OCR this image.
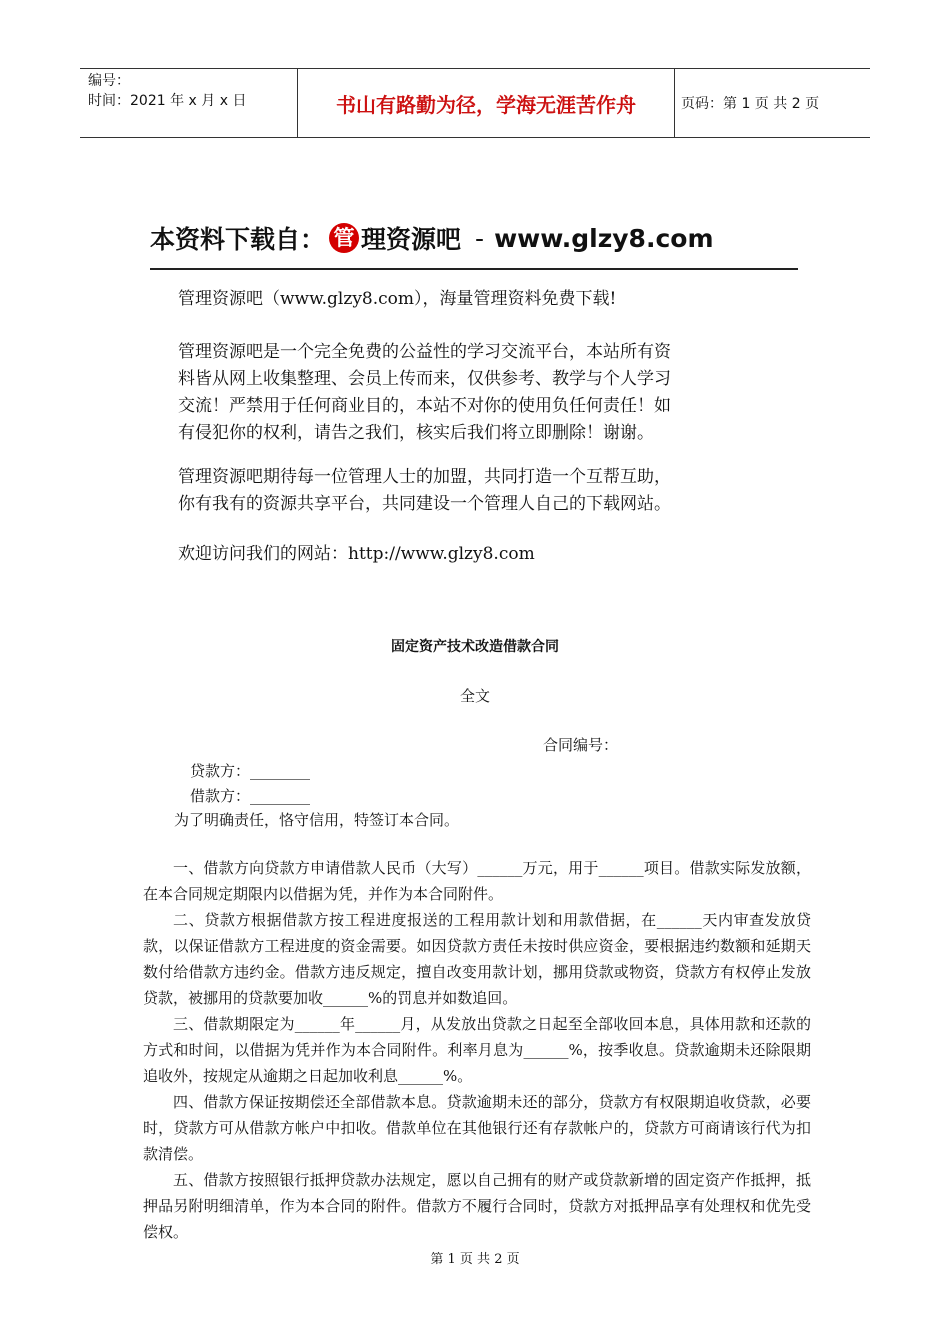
编号：
时间：2021 年 x 月 x 日	书山有路勤为径，学海无涯苦作舟	页码：第 1 页 共 2 页
本资料下载自： 管 理资源吧 - www.glzy8.com

管理资源吧（www.glzy8.com），海量管理资料免费下载!

管理资源吧是一个完全免费的公益性的学习交流平台，本站所有资

料皆从网上收集整理、会员上传而来，仅供参考、教学与个人学习

交流！严禁用于任何商业目的，本站不对你的使用负任何责任！如

有侵犯你的权利，请告之我们，核实后我们将立即删除！谢谢。

管理资源吧期待每一位管理人士的加盟，共同打造一个互帮互助，

你有我有的资源共享平台，共同建设一个管理人自己的下载网站。

欢迎访问我们的网站：http://www.glzy8.com

固定资产技术改造借款合同
全文
合同编号：
贷款方：________
借款方：________
为了明确责任，恪守信用，特签订本合同。

一、借款方向贷款方申请借款人民币（大写）______万元，用于______项目。借款实际发放额，在本合同规定期限内以借据为凭，并作为本合同附件。

二、贷款方根据借款方按工程进度报送的工程用款计划和用款借据，在______天内审查发放贷款，以保证借款方工程进度的资金需要。如因贷款方责任未按时供应资金，要根据违约数额和延期天数付给借款方违约金。借款方违反规定，擅自改变用款计划，挪用贷款或物资，贷款方有权停止发放贷款，被挪用的贷款要加收______%的罚息并如数追回。

三、借款期限定为______年______月，从发放出贷款之日起至全部收回本息，具体用款和还款的方式和时间，以借据为凭并作为本合同附件。利率月息为______%，按季收息。贷款逾期未还除限期追收外，按规定从逾期之日起加收利息______%。

四、借款方保证按期偿还全部借款本息。贷款逾期未还的部分，贷款方有权限期追收贷款，必要时，贷款方可从借款方帐户中扣收。借款单位在其他银行还有存款帐户的，贷款方可商请该行代为扣款清偿。

五、借款方按照银行抵押贷款办法规定，愿以自己拥有的财产或贷款新增的固定资产作抵押，抵押品另附明细清单，作为本合同的附件。借款方不履行合同时，贷款方对抵押品享有处理权和优先受偿权。

第 1 页 共 2 页
